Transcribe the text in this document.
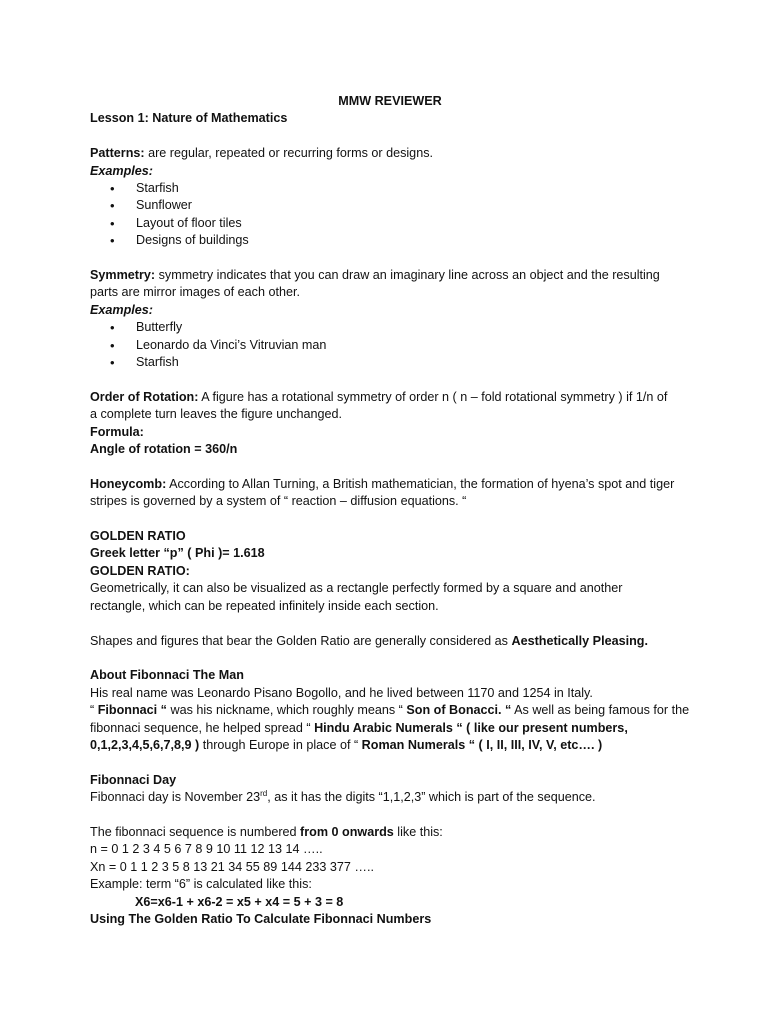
MMW REVIEWER

Lesson 1: Nature of Mathematics

Patterns: are regular, repeated or recurring forms or designs.

Examples:

• Starfish
• Sunflower
• Layout of floor tiles
• Designs of buildings

Symmetry: symmetry indicates that you can draw an imaginary line across an object and the resulting

parts are mirror images of each other.

Examples:

• Butterfly
• Leonardo da Vinci’s Vitruvian man
• Starfish

Order of Rotation: A figure has a rotational symmetry of order n ( n – fold rotational symmetry ) if 1/n of

a complete turn leaves the figure unchanged.

Formula:

Angle of rotation = 360/n

Honeycomb: According to Allan Turning, a British mathematician, the formation of hyena’s spot and tiger

stripes is governed by a system of “ reaction – diffusion equations. “

GOLDEN RATIO

Greek letter “p” ( Phi )= 1.618

GOLDEN RATIO:

Geometrically, it can also be visualized as a rectangle perfectly formed by a square and another

rectangle, which can be repeated infinitely inside each section.

Shapes and figures that bear the Golden Ratio are generally considered as Aesthetically Pleasing.

About Fibonnaci The Man

His real name was Leonardo Pisano Bogollo, and he lived between 1170 and 1254 in Italy.

“ Fibonnaci “ was his nickname, which roughly means “ Son of Bonacci. “ As well as being famous for the

fibonnaci sequence, he helped spread “ Hindu Arabic Numerals “ ( like our present numbers,

0,1,2,3,4,5,6,7,8,9 ) through Europe in place of “ Roman Numerals “ ( I, II, III, IV, V, etc…. )

Fibonnaci Day

Fibonnaci day is November 23rd, as it has the digits “1,1,2,3” which is part of the sequence.

The fibonnaci sequence is numbered from 0 onwards like this:

n = 0 1 2 3 4 5 6 7 8 9 10 11 12 13 14 …..

Xn = 0 1 1 2 3 5 8 13 21 34 55 89 144 233 377 …..

Example: term “6” is calculated like this:

X6=x6-1 + x6-2 = x5 + x4 = 5 + 3 = 8

Using The Golden Ratio To Calculate Fibonnaci Numbers
